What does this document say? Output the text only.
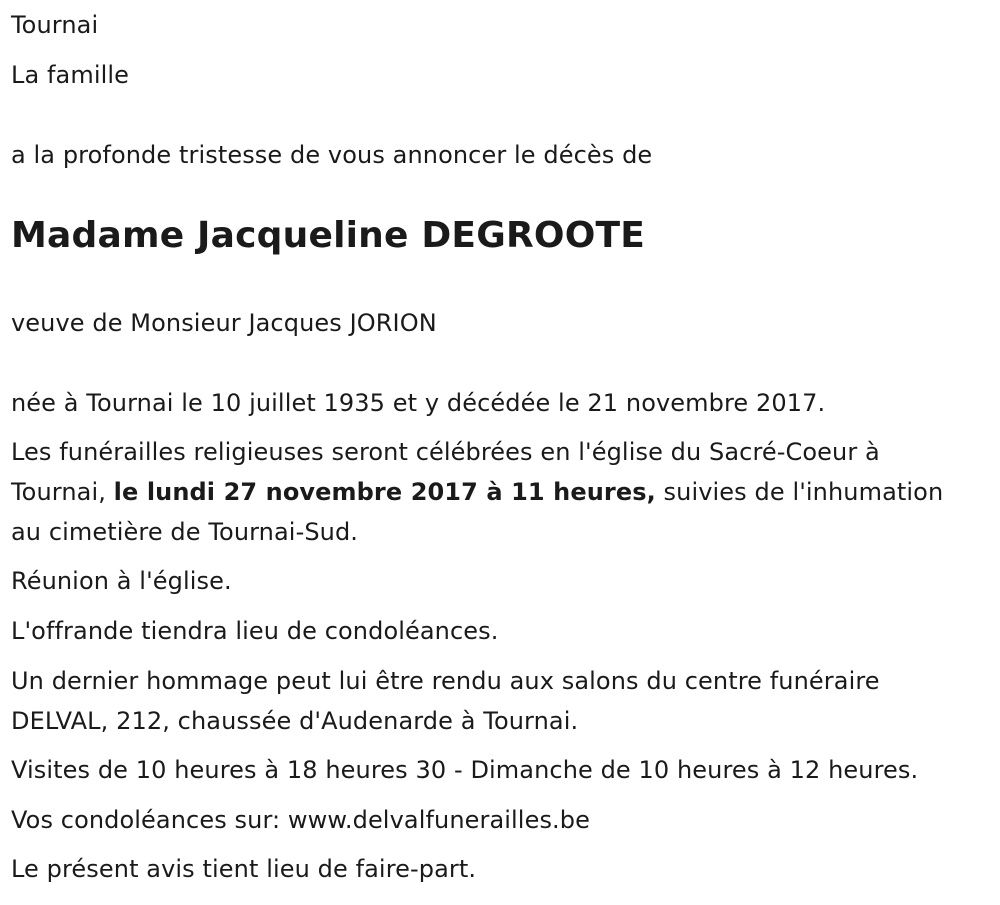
Tournai
La famille
a la profonde tristesse de vous annoncer le décès de
Madame Jacqueline DEGROOTE
veuve de Monsieur Jacques JORION
née à Tournai le 10 juillet 1935 et y décédée le 21 novembre 2017.
Les funérailles religieuses seront célébrées en l'église du Sacré-Coeur à
Tournai, le lundi 27 novembre 2017 à 11 heures, suivies de l'inhumation
au cimetière de Tournai-Sud.
Réunion à l'église.
L'offrande tiendra lieu de condoléances.
Un dernier hommage peut lui être rendu aux salons du centre funéraire
DELVAL, 212, chaussée d'Audenarde à Tournai.
Visites de 10 heures à 18 heures 30 - Dimanche de 10 heures à 12 heures.
Vos condoléances sur: www.delvalfunerailles.be
Le présent avis tient lieu de faire-part.
